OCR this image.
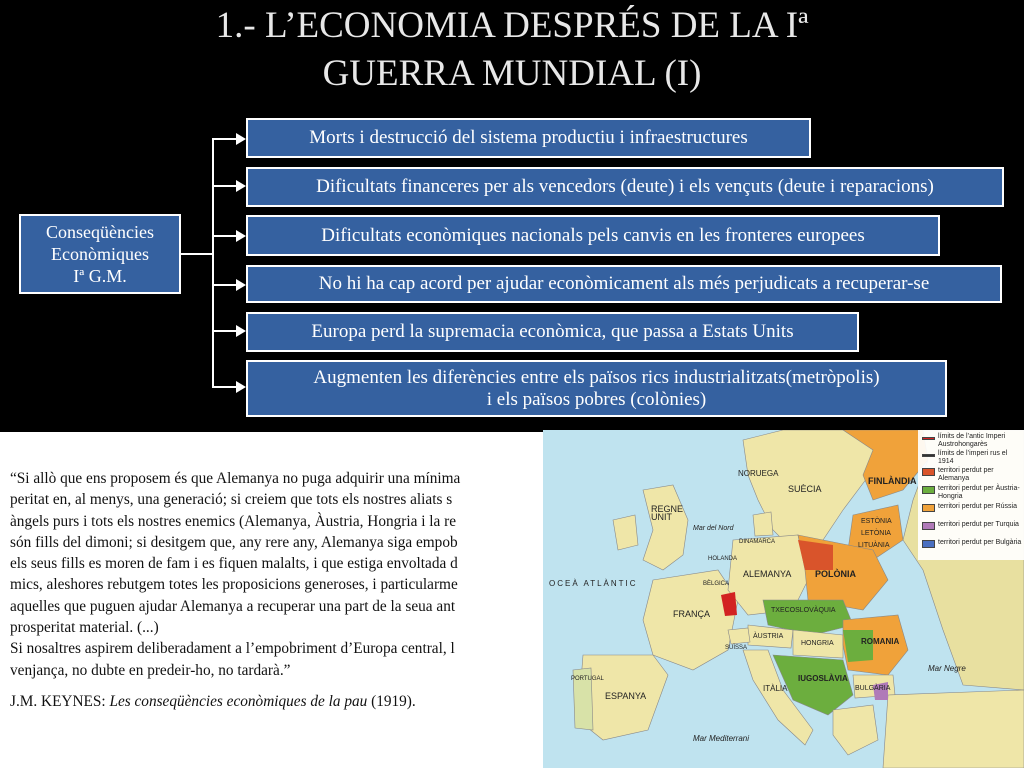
1.- L’ECONOMIA DESPRÉS DE LA Iª
GUERRA MUNDIAL (I)
Conseqüències
Econòmiques
Iª G.M.
Morts i destrucció del sistema productiu i infraestructures
Dificultats financeres per als vencedors (deute) i els vençuts (deute i reparacions)
Dificultats econòmiques nacionals pels canvis en les fronteres europees
No hi ha cap acord per ajudar econòmicament als més perjudicats a recuperar-se
Europa perd la supremacia econòmica, que passa a Estats Units
Augmenten les diferències entre els països rics industrialitzats(metròpolis)
i els països pobres (colònies)

“Si allò que ens proposem és que Alemanya no puga adquirir una mínima

peritat en, al menys, una generació; si creiem que tots els nostres aliats s

àngels purs i tots els nostres enemics (Alemanya, Àustria, Hongria i la re

són fills del dimoni; si desitgem que, any rere any, Alemanya siga empob

els seus fills es moren de fam i es fiquen malalts, i que estiga envoltada d

mics, aleshores rebutgem totes les proposicions generoses, i particularme

aquelles que puguen ajudar Alemanya a recuperar una part de la seua ant

prosperitat material. (...)

Si nosaltres aspirem deliberadament a l’empobriment d’Europa central, l

venjança, no dubte en predeir-ho, no tardarà.”

J.M. KEYNES: Les conseqüències econòmiques de la pau (1919).

FINLÀNDIA
NORUEGA
SUÈCIA
ESTÒNIA
LETÒNIA
LITUÀNIA
REGNE UNIT
ALEMANYA	POLÒNIA
OCEÀ ATLÀNTIC
FRANÇA	TXECOSLOVÀQUIA
ÀUSTRIA
HONGRIA	ROMANIA
IUGOSLÀVIA
BULGÀRIA
ITÀLIA
ESPANYA
PORTUGAL
SUÏSSA
BÈLGICA
Mar Negre
Mar Mediterrani
Mar del Nord
DINAMARCA
HOLANDA
límits de l’antic Imperi Austrohongarès
límits de l’imperi rus el 1914
territori perdut per Alemanya
territori perdut per Àustria-Hongria
territori perdut per Rússia
territori perdut per Turquia
territori perdut per Bulgària
